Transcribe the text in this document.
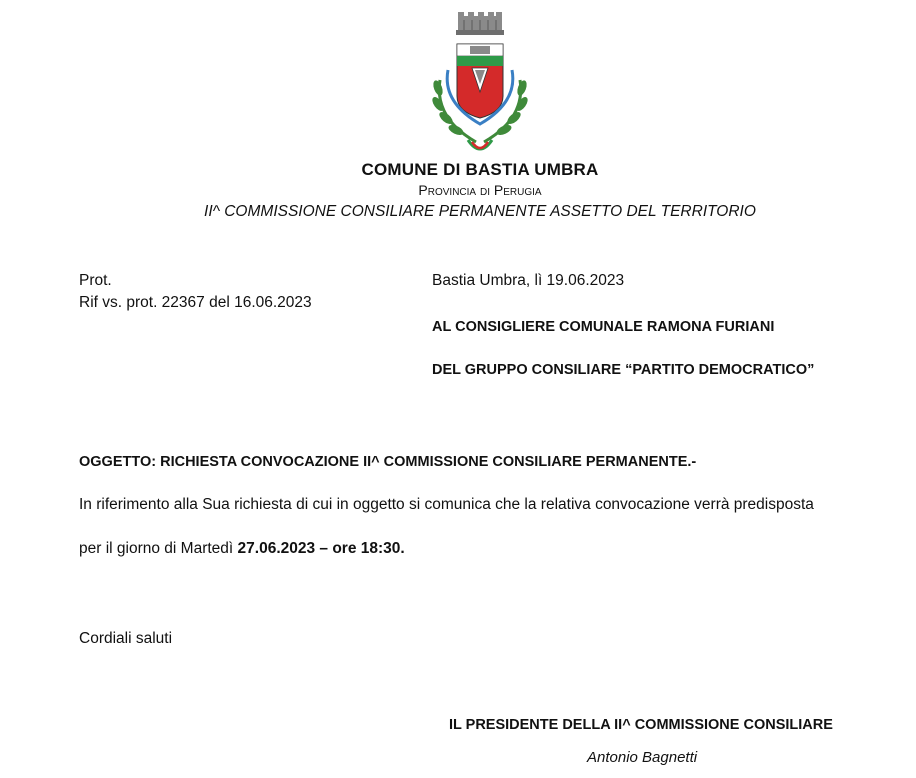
COMUNE DI BASTIA UMBRA
Provincia di Perugia
II^ COMMISSIONE CONSILIARE PERMANENTE ASSETTO DEL TERRITORIO
Prot.
Rif vs. prot. 22367 del 16.06.2023
Bastia Umbra, lì 19.06.2023
AL CONSIGLIERE COMUNALE RAMONA FURIANI
DEL GRUPPO CONSILIARE “PARTITO DEMOCRATICO”
OGGETTO: RICHIESTA CONVOCAZIONE II^ COMMISSIONE CONSILIARE PERMANENTE.-
In riferimento alla Sua richiesta di cui in oggetto si comunica che la relativa convocazione verrà predisposta
per il giorno di Martedì 27.06.2023 – ore 18:30.
Cordiali saluti
IL PRESIDENTE DELLA II^ COMMISSIONE CONSILIARE
Antonio Bagnetti
